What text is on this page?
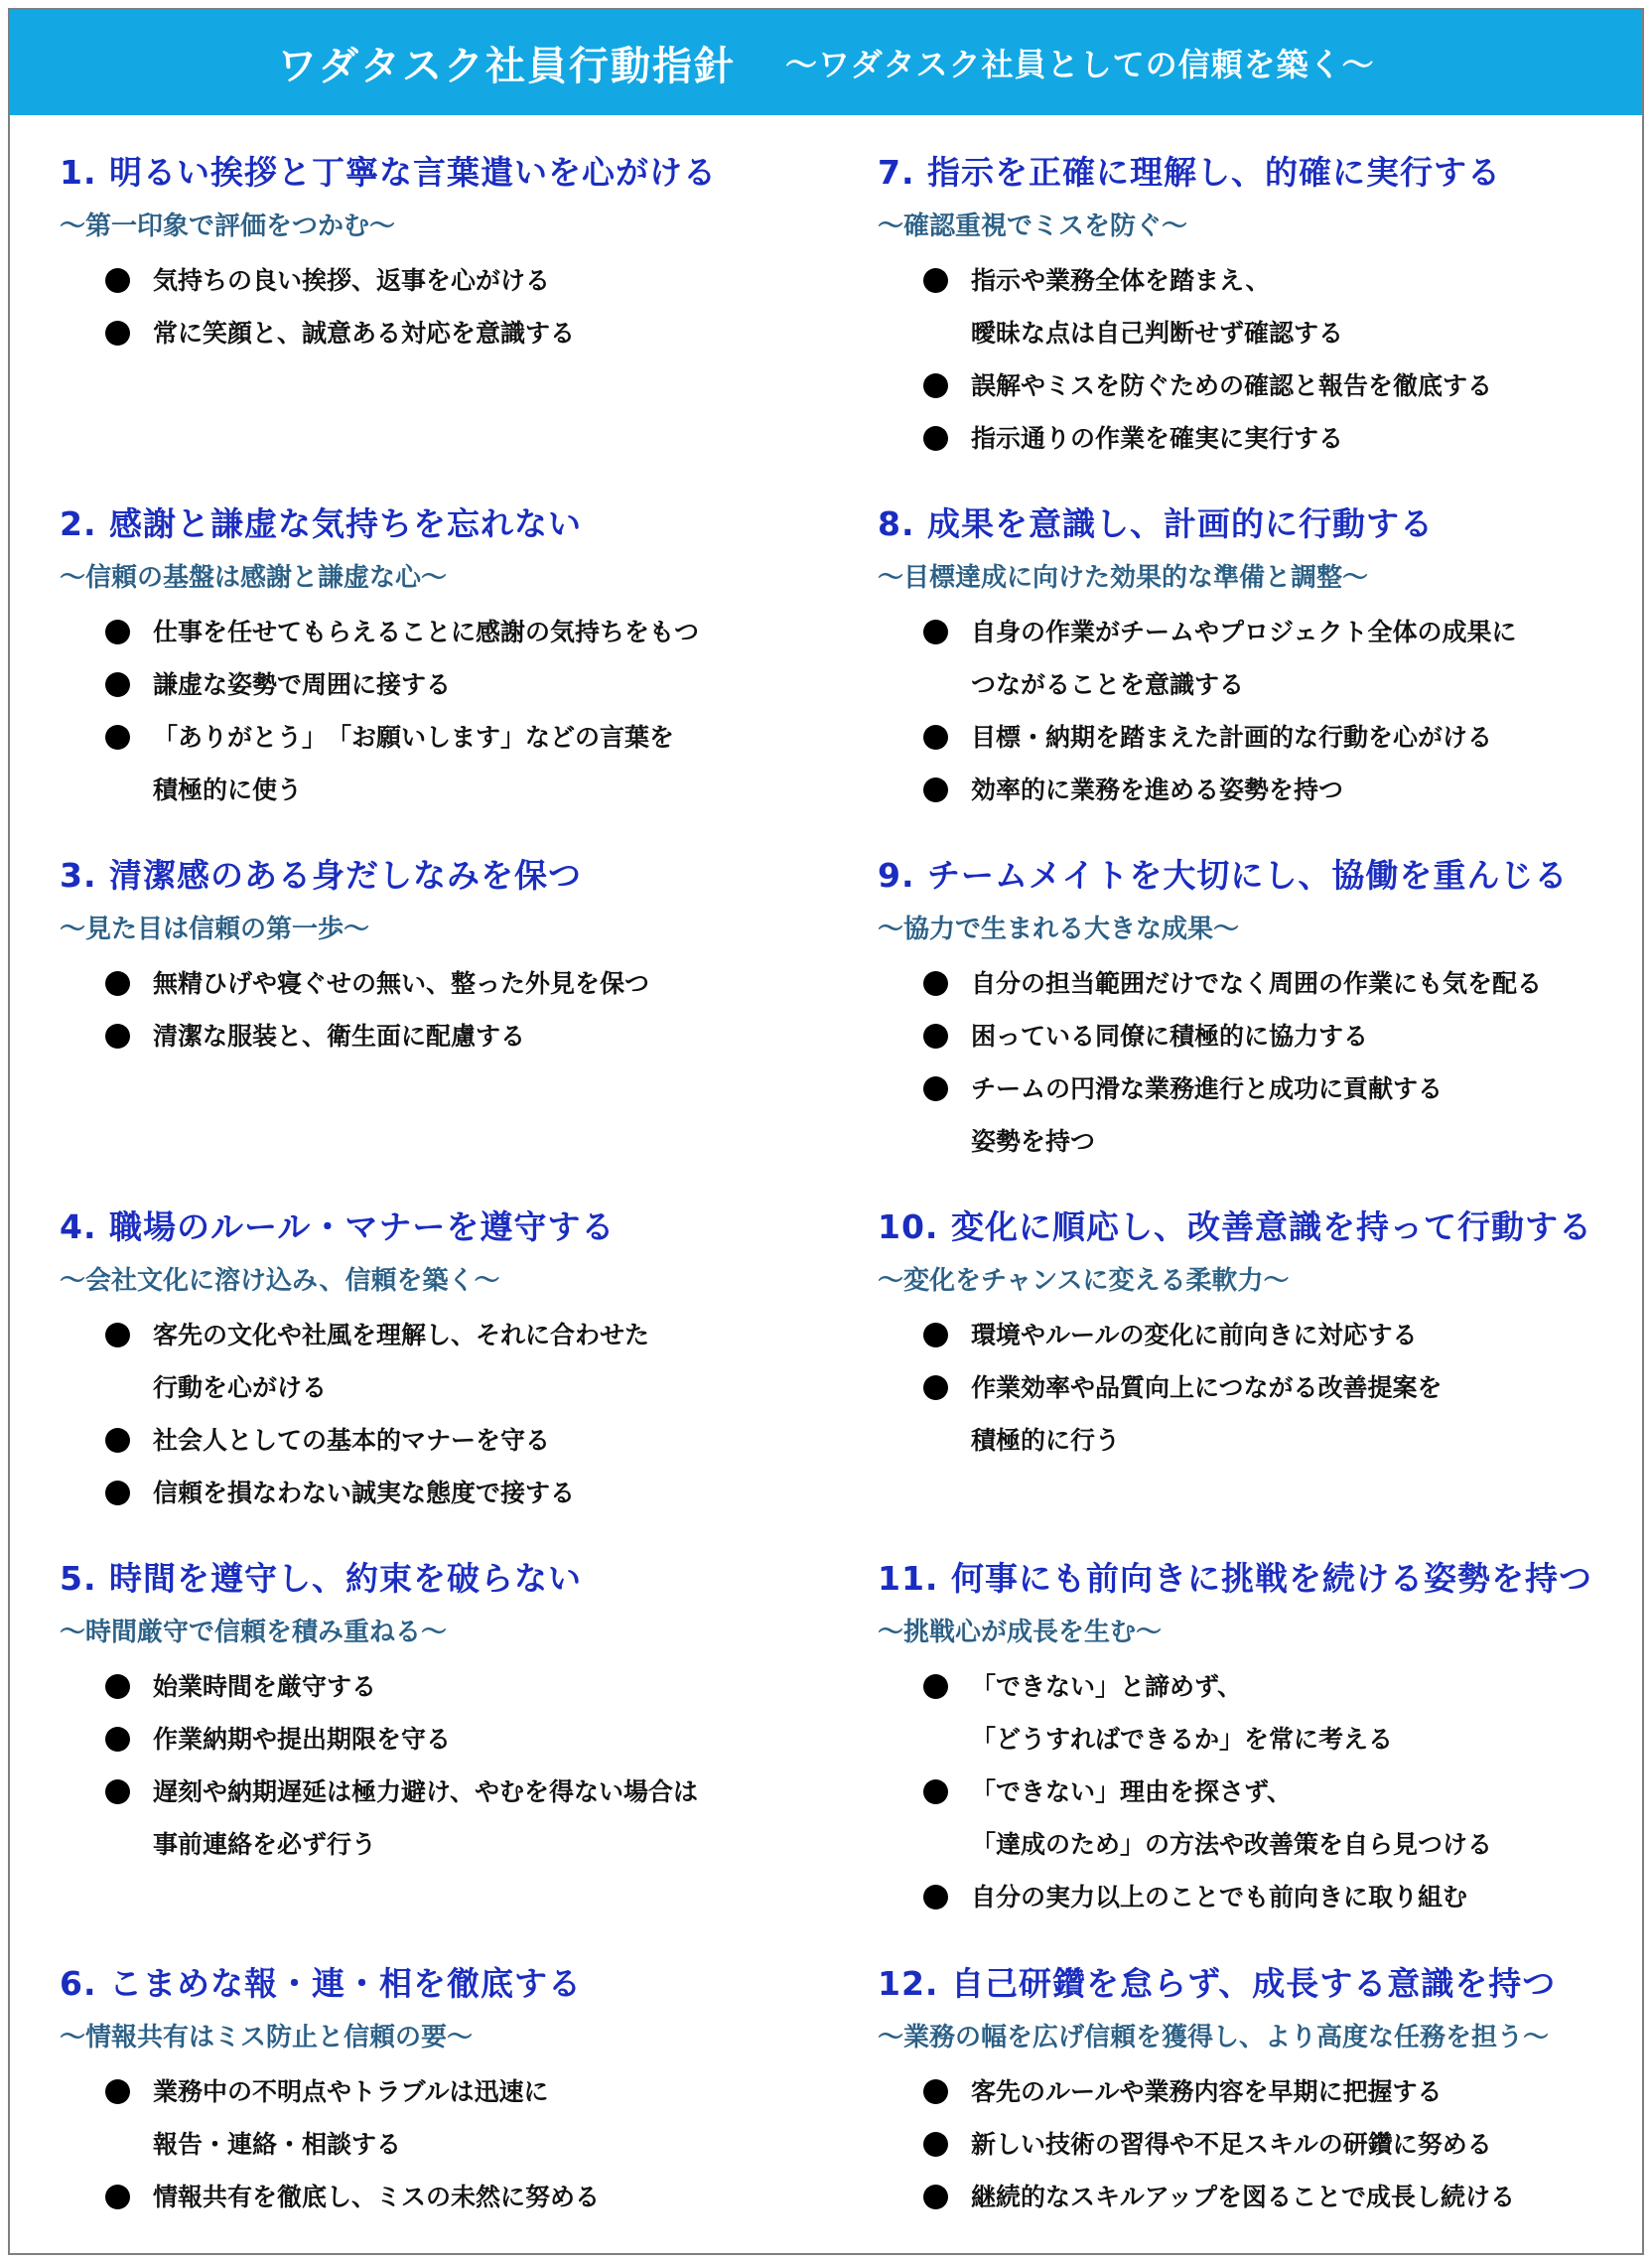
ワダタスク社員行動指針 ～ワダタスク社員としての信頼を築く～
1. 明るい挨拶と丁寧な言葉遣いを心がける
～第一印象で評価をつかむ～
気持ちの良い挨拶、返事を心がける
常に笑顔と、誠意ある対応を意識する
2. 感謝と謙虚な気持ちを忘れない
～信頼の基盤は感謝と謙虚な心～
仕事を任せてもらえることに感謝の気持ちをもつ
謙虚な姿勢で周囲に接する
「ありがとう」　「お願いします」などの言葉を
積極的に使う
3. 清潔感のある身だしなみを保つ
～見た目は信頼の第一歩～
無精ひげや寝ぐせの無い、整った外見を保つ
清潔な服装と、衛生面に配慮する
4. 職場のルール・マナーを遵守する
～会社文化に溶け込み、信頼を築く～
客先の文化や社風を理解し、それに合わせた
行動を心がける
社会人としての基本的マナーを守る
信頼を損なわない誠実な態度で接する
5. 時間を遵守し、約束を破らない
～時間厳守で信頼を積み重ねる～
始業時間を厳守する
作業納期や提出期限を守る
遅刻や納期遅延は極力避け、やむを得ない場合は
事前連絡を必ず行う
6. こまめな報・連・相を徹底する
～情報共有はミス防止と信頼の要～
業務中の不明点やトラブルは迅速に
報告・連絡・相談する
情報共有を徹底し、ミスの未然に努める
7. 指示を正確に理解し、的確に実行する
～確認重視でミスを防ぐ～
指示や業務全体を踏まえ、
曖昧な点は自己判断せず確認する
誤解やミスを防ぐための確認と報告を徹底する
指示通りの作業を確実に実行する
8. 成果を意識し、計画的に行動する
～目標達成に向けた効果的な準備と調整～
自身の作業がチームやプロジェクト全体の成果に
つながることを意識する
目標・納期を踏まえた計画的な行動を心がける
効率的に業務を進める姿勢を持つ
9. チームメイトを大切にし、協働を重んじる
～協力で生まれる大きな成果～
自分の担当範囲だけでなく周囲の作業にも気を配る
困っている同僚に積極的に協力する
チームの円滑な業務進行と成功に貢献する
姿勢を持つ
10. 変化に順応し、改善意識を持って行動する
～変化をチャンスに変える柔軟力～
環境やルールの変化に前向きに対応する
作業効率や品質向上につながる改善提案を
積極的に行う
11. 何事にも前向きに挑戦を続ける姿勢を持つ
～挑戦心が成長を生む～
「できない」と諦めず、
「どうすればできるか」を常に考える
「できない」理由を探さず、
「達成のため」の方法や改善策を自ら見つける
自分の実力以上のことでも前向きに取り組む
12. 自己研鑽を怠らず、成長する意識を持つ
～業務の幅を広げ信頼を獲得し、より高度な任務を担う～
客先のルールや業務内容を早期に把握する
新しい技術の習得や不足スキルの研鑽に努める
継続的なスキルアップを図ることで成長し続ける
